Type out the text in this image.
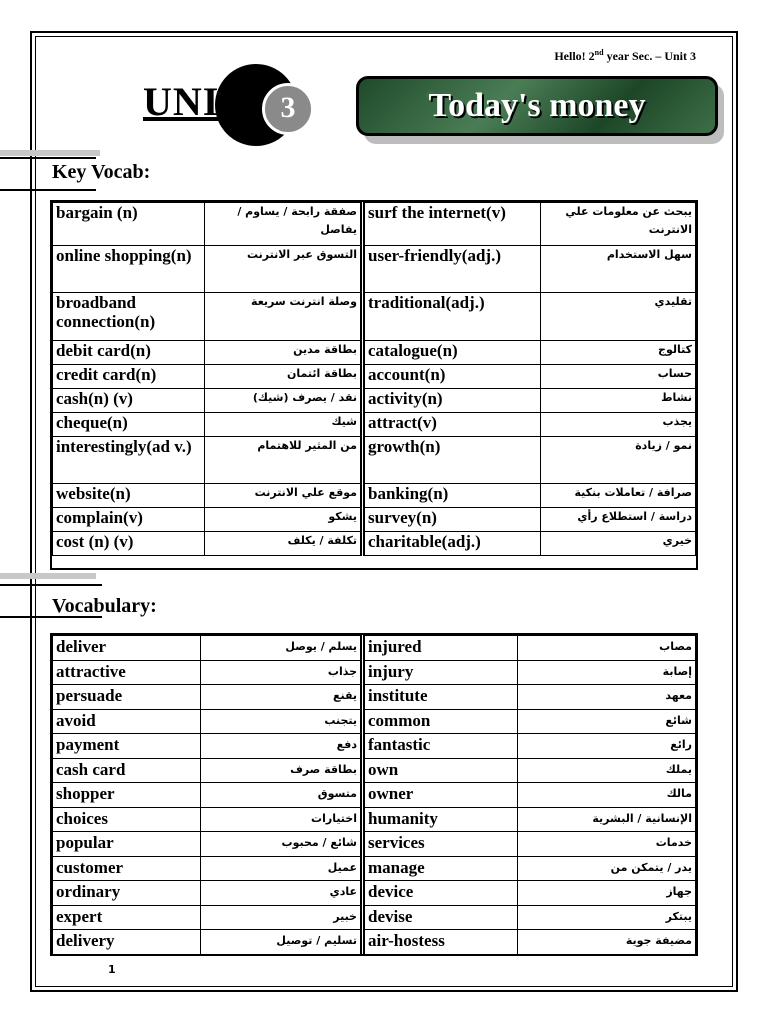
Hello! 2nd year Sec. – Unit 3
UNIT	3	Today's money
Key Vocab:
bargain (n)	صفقة رابحة / يساوم / يفاصل	surf the internet(v)	يبحث عن معلومات علي الانترنت
online shopping(n)	التسوق عبر الانترنت	user-friendly(adj.)	سهل الاستخدام
broadband connection(n)	وصلة انترنت سريعة	traditional(adj.)	تقليدي
debit card(n)	بطاقة مدين	catalogue(n)	كتالوج
credit card(n)	بطاقة ائتمان	account(n)	حساب
cash(n) (v)	نقد / يصرف (شيك)	activity(n)	نشاط
cheque(n)	شيك	attract(v)	يجذب
interestingly(ad v.)	من المثير للاهتمام	growth(n)	نمو / زيادة
website(n)	موقع علي الانترنت	banking(n)	صرافة / تعاملات بنكية
complain(v)	يشكو	survey(n)	دراسة / استطلاع رأي
cost (n) (v)	تكلفة / يكلف	charitable(adj.)	خيري
Vocabulary:
deliver	يسلم / يوصل	injured	مصاب
attractive	جذاب	injury	إصابة
persuade	يقنع	institute	معهد
avoid	يتجنب	common	شائع
payment	دفع	fantastic	رائع
cash card	بطاقة صرف	own	يملك
shopper	متسوق	owner	مالك
choices	اختيارات	humanity	الإنسانية / البشرية
popular	شائع / محبوب	services	خدمات
customer	عميل	manage	يدر / يتمكن من
ordinary	عادي	device	جهاز
expert	خبير	devise	يبتكر
delivery	تسليم / توصيل	air-hostess	مضيفة جوية
1
